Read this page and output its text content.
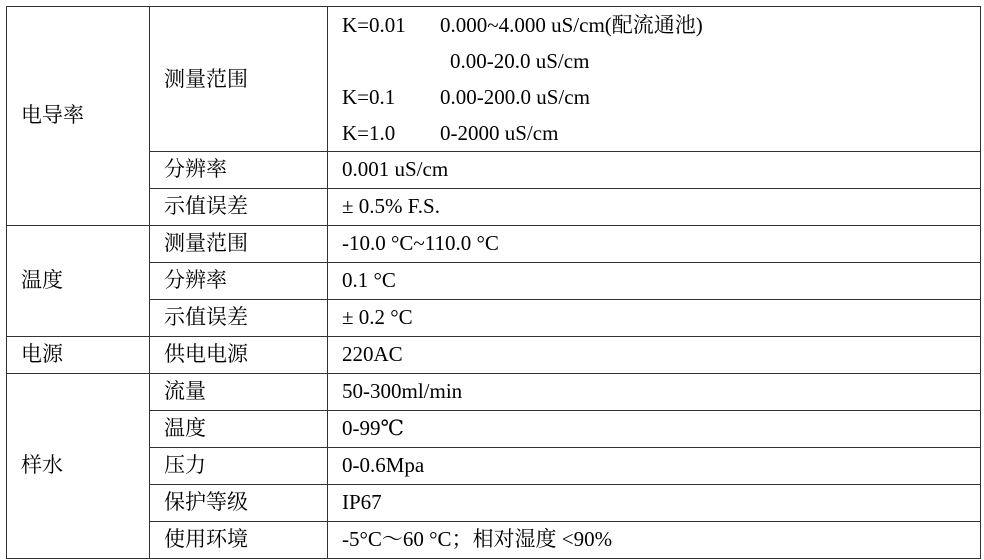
电导率	测量范围	K=0.01 0.000~4.000 uS/cm(配流通池)
0.00-20.0 uS/cm
K=0.1 0.00-200.0 uS/cm
K=1.0 0-2000 uS/cm

	分辨率	0.001 uS/cm
	示值误差	± 0.5% F.S.
温度	测量范围	-10.0 °C~110.0 °C
	分辨率	0.1 °C
	示值误差	± 0.2 °C
电源	供电电源	220AC
样水	流量	50-300ml/min
	温度	0-99℃
	压力	0-0.6Mpa
	保护等级	IP67
	使用环境	-5°C～60 °C；相对湿度 <90%
